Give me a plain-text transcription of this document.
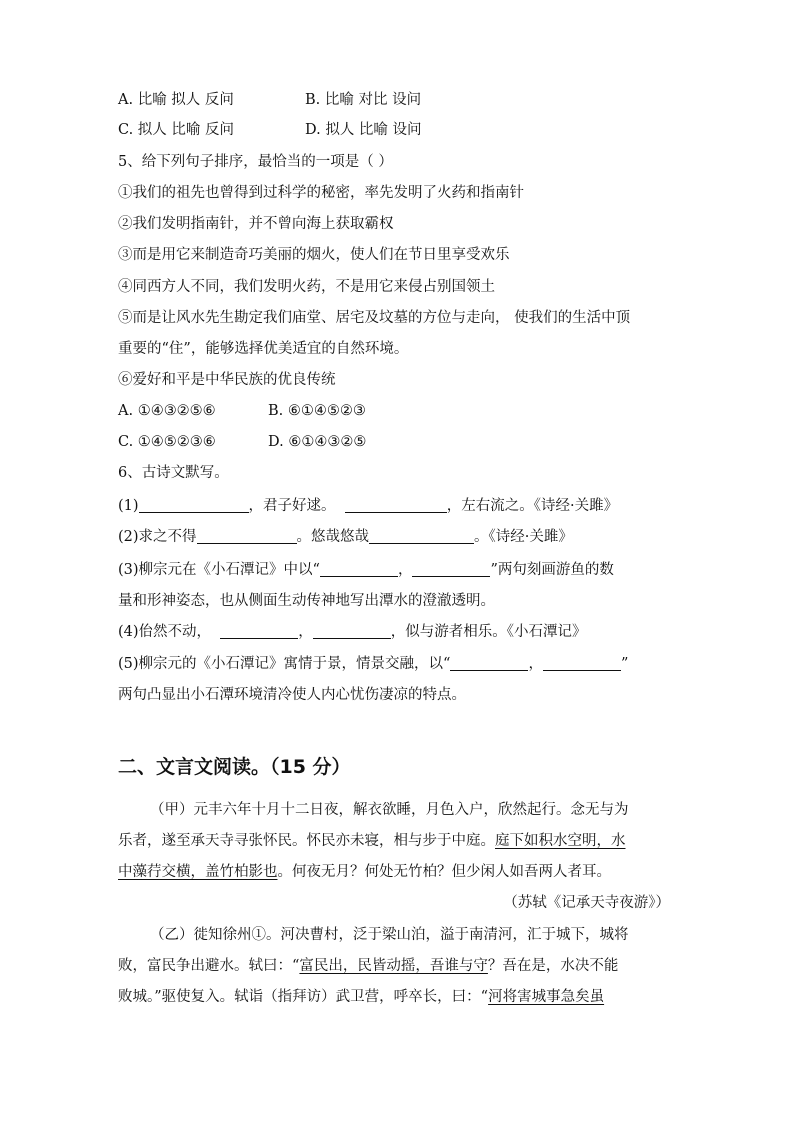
A. 比喻 拟人 反问	B. 比喻 对比 设问
C. 拟人 比喻 反问	D. 拟人 比喻 设问
5、给下列句子排序，最恰当的一项是（ ）
①我们的祖先也曾得到过科学的秘密，率先发明了火药和指南针
②我们发明指南针，并不曾向海上获取霸权
③而是用它来制造奇巧美丽的烟火，使人们在节日里享受欢乐
④同西方人不同，我们发明火药，不是用它来侵占别国领土
⑤而是让风水先生勘定我们庙堂、居宅及坟墓的方位与走向， 使我们的生活中顶
重要的“住”，能够选择优美适宜的自然环境。
⑥爱好和平是中华民族的优良传统
A. ①④③②⑤⑥	B. ⑥①④⑤②③
C. ①④⑤②③⑥	D. ⑥①④③②⑤
6、古诗文默写。
(1)	，君子好逑。	，左右流之。《诗经·关雎》
(2)求之不得	。悠哉悠哉	。《诗经·关雎》
(3)柳宗元在《小石潭记》中以“	，	”两句刻画游鱼的数
量和形神姿态，也从侧面生动传神地写出潭水的澄澈透明。
(4)佁然不动，	，	，似与游者相乐。《小石潭记》
(5)柳宗元的《小石潭记》寓情于景，情景交融，以“	，	”
两句凸显出小石潭环境清冷使人内心忧伤凄凉的特点。
二、文言文阅读。（15 分）
（甲）元丰六年十月十二日夜，解衣欲睡，月色入户，欣然起行。念无与为
乐者，遂至承天寺寻张怀民。怀民亦未寝，相与步于中庭。庭下如积水空明，水
中藻荇交横，盖竹柏影也。何夜无月？何处无竹柏？但少闲人如吾两人者耳。
（苏轼《记承天寺夜游》）
（乙）徙知徐州①。河决曹村，泛于梁山泊，溢于南清河，汇于城下，城将
败，富民争出避水。轼曰：“富民出，民皆动摇，吾谁与守？吾在是，水决不能
败城。”驱使复入。轼诣（指拜访）武卫营，呼卒长，曰：“河将害城事急矣虽
